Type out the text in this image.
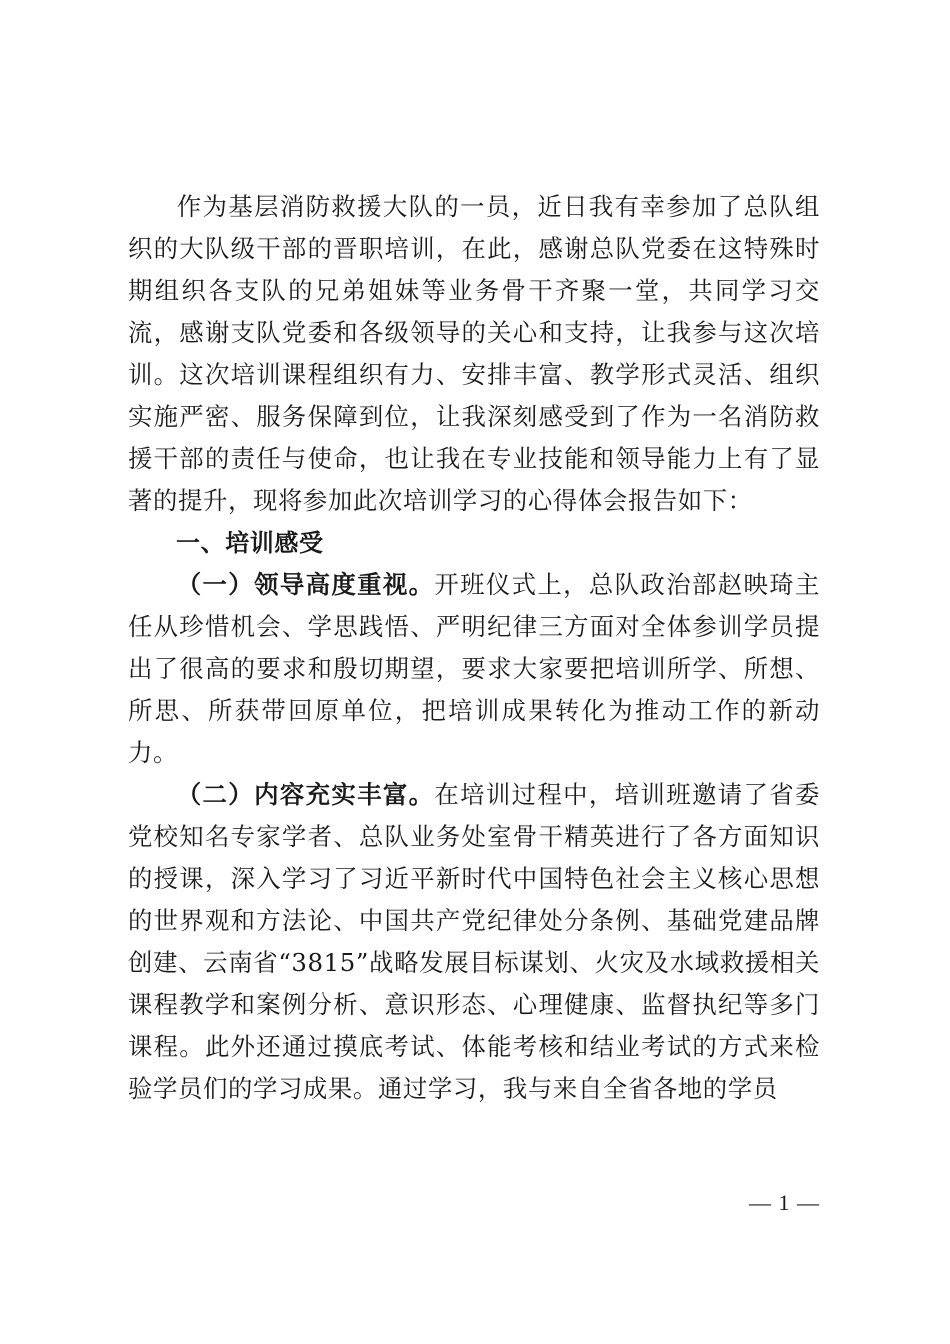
作为基层消防救援大队的一员，近日我有幸参加了总队组织的大队级干部的晋职培训，在此，感谢总队党委在这特殊时期组织各支队的兄弟姐妹等业务骨干齐聚一堂，共同学习交流，感谢支队党委和各级领导的关心和支持，让我参与这次培训。这次培训课程组织有力、安排丰富、教学形式灵活、组织实施严密、服务保障到位，让我深刻感受到了作为一名消防救援干部的责任与使命，也让我在专业技能和领导能力上有了显著的提升，现将参加此次培训学习的心得体会报告如下：

一、培训感受

（一）领导高度重视。开班仪式上，总队政治部赵映琦主任从珍惜机会、学思践悟、严明纪律三方面对全体参训学员提出了很高的要求和殷切期望，要求大家要把培训所学、所想、所思、所获带回原单位，把培训成果转化为推动工作的新动力。

（二）内容充实丰富。在培训过程中，培训班邀请了省委党校知名专家学者、总队业务处室骨干精英进行了各方面知识的授课，深入学习了习近平新时代中国特色社会主义核心思想的世界观和方法论、中国共产党纪律处分条例、基础党建品牌创建、云南省“3815”战略发展目标谋划、火灾及水域救援相关课程教学和案例分析、意识形态、心理健康、监督执纪等多门课程。此外还通过摸底考试、体能考核和结业考试的方式来检验学员们的学习成果。通过学习，我与来自全省各地的学员

— 1 —
